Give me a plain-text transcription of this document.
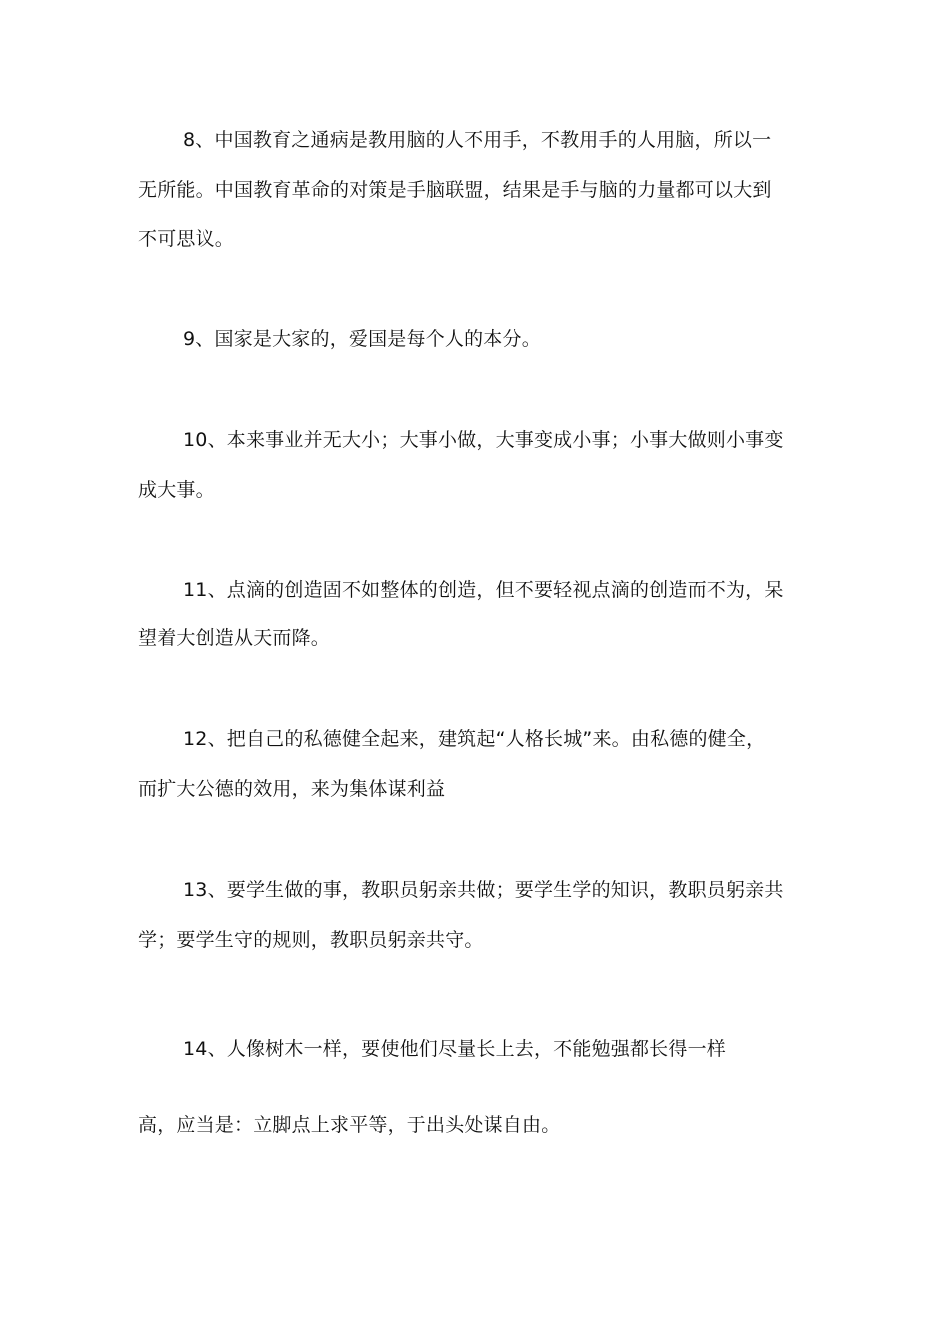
8、中国教育之通病是教用脑的人不用手，不教用手的人用脑，所以一
无所能。中国教育革命的对策是手脑联盟，结果是手与脑的力量都可以大到
不可思议。
9、国家是大家的，爱国是每个人的本分。
10、本来事业并无大小；大事小做，大事变成小事；小事大做则小事变
成大事。
11、点滴的创造固不如整体的创造，但不要轻视点滴的创造而不为，呆
望着大创造从天而降。
12、把自己的私德健全起来，建筑起“人格长城”来。由私德的健全，
而扩大公德的效用，来为集体谋利益
13、要学生做的事，教职员躬亲共做；要学生学的知识，教职员躬亲共
学；要学生守的规则，教职员躬亲共守。
14、人像树木一样，要使他们尽量长上去，不能勉强都长得一样
高，应当是：立脚点上求平等，于出头处谋自由。
